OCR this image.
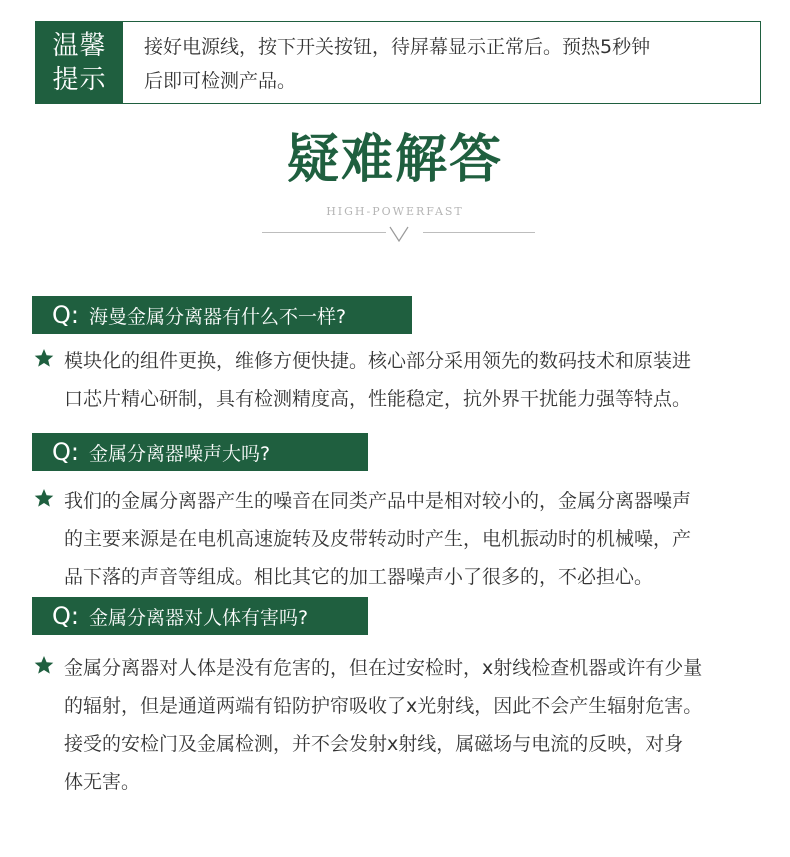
温馨
提示
接好电源线，按下开关按钮，待屏幕显示正常后。预热5秒钟
后即可检测产品。
疑难解答
HIGH-POWERFAST
Q: 海曼金属分离器有什么不一样?
模块化的组件更换，维修方便快捷。核心部分采用领先的数码技术和原装进
口芯片精心研制，具有检测精度高，性能稳定，抗外界干扰能力强等特点。
Q: 金属分离器噪声大吗?
我们的金属分离器产生的噪音在同类产品中是相对较小的，金属分离器噪声
的主要来源是在电机高速旋转及皮带转动时产生，电机振动时的机械噪，产
品下落的声音等组成。相比其它的加工器噪声小了很多的，不必担心。
Q: 金属分离器对人体有害吗?
金属分离器对人体是没有危害的，但在过安检时，x射线检查机器或许有少量
的辐射，但是通道两端有铅防护帘吸收了x光射线，因此不会产生辐射危害。
接受的安检门及金属检测，并不会发射x射线，属磁场与电流的反映，对身
体无害。
